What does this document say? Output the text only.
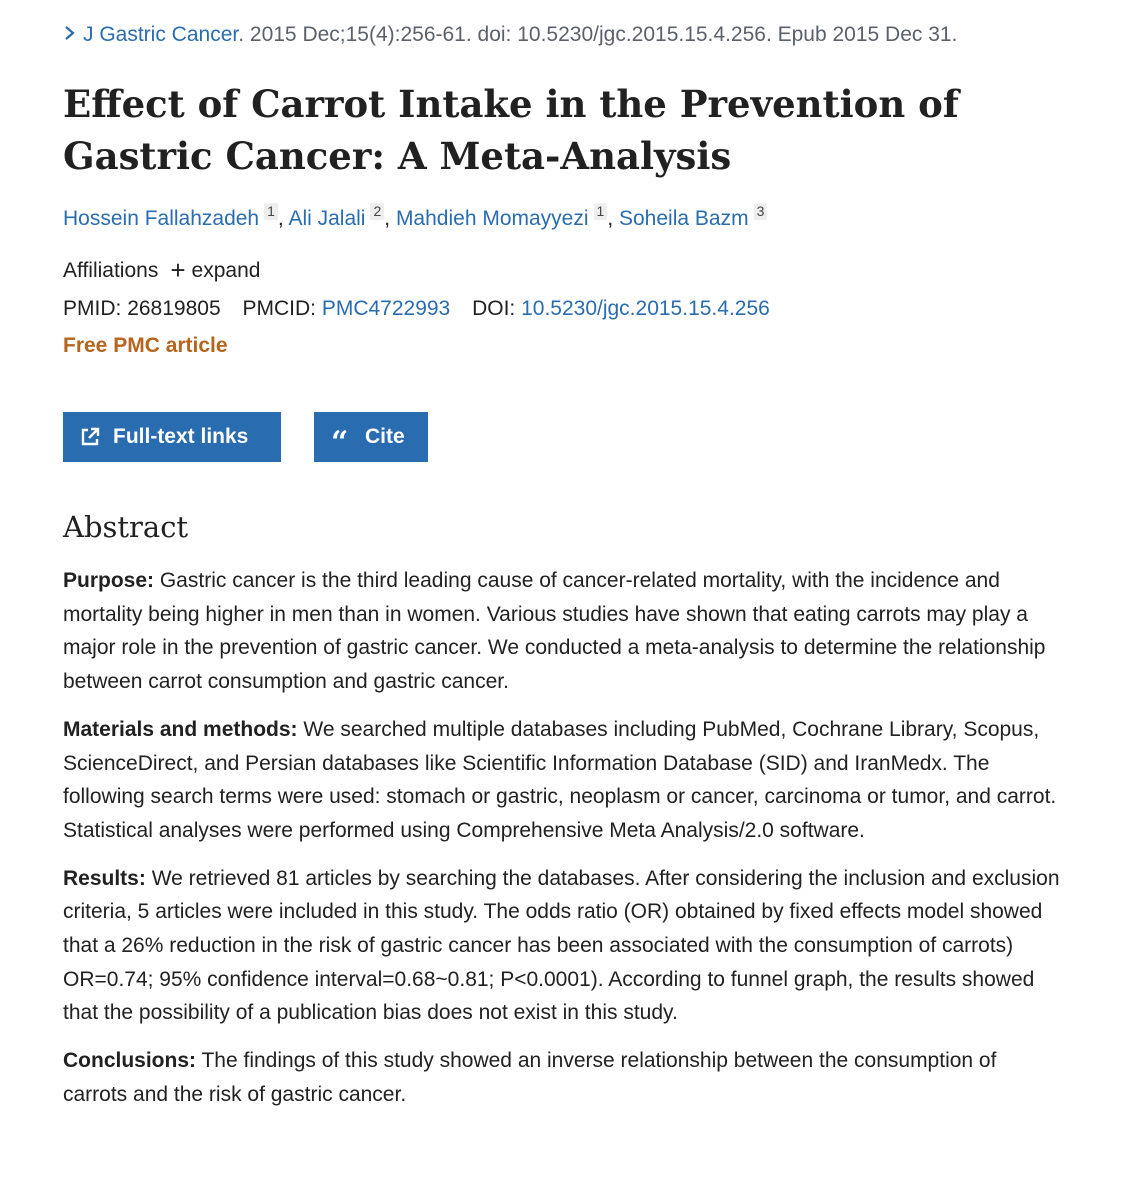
J Gastric Cancer. 2015 Dec;15(4):256-61. doi: 10.5230/jgc.2015.15.4.256. Epub 2015 Dec 31.
Effect of Carrot Intake in the Prevention of Gastric Cancer: A Meta-Analysis
Hossein Fallahzadeh 1 , Ali Jalali 2 , Mahdieh Momayyezi 1 , Soheila Bazm 3
Affiliations + expand
PMID: 26819805 PMCID: PMC4722993 DOI: 10.5230/jgc.2015.15.4.256
Free PMC article
Full-text links	“ Cite
Abstract

Purpose: Gastric cancer is the third leading cause of cancer-related mortality, with the incidence and mortality being higher in men than in women. Various studies have shown that eating carrots may play a major role in the prevention of gastric cancer. We conducted a meta-analysis to determine the relationship between carrot consumption and gastric cancer.

Materials and methods: We searched multiple databases including PubMed, Cochrane Library, Scopus, ScienceDirect, and Persian databases like Scientific Information Database (SID) and IranMedx. The following search terms were used: stomach or gastric, neoplasm or cancer, carcinoma or tumor, and carrot. Statistical analyses were performed using Comprehensive Meta Analysis/2.0 software.

Results: We retrieved 81 articles by searching the databases. After considering the inclusion and exclusion criteria, 5 articles were included in this study. The odds ratio (OR) obtained by fixed effects model showed that a 26% reduction in the risk of gastric cancer has been associated with the consumption of carrots) OR=0.74; 95% confidence interval=0.68~0.81; P<0.0001). According to funnel graph, the results showed that the possibility of a publication bias does not exist in this study.

Conclusions: The findings of this study showed an inverse relationship between the consumption of carrots and the risk of gastric cancer.
